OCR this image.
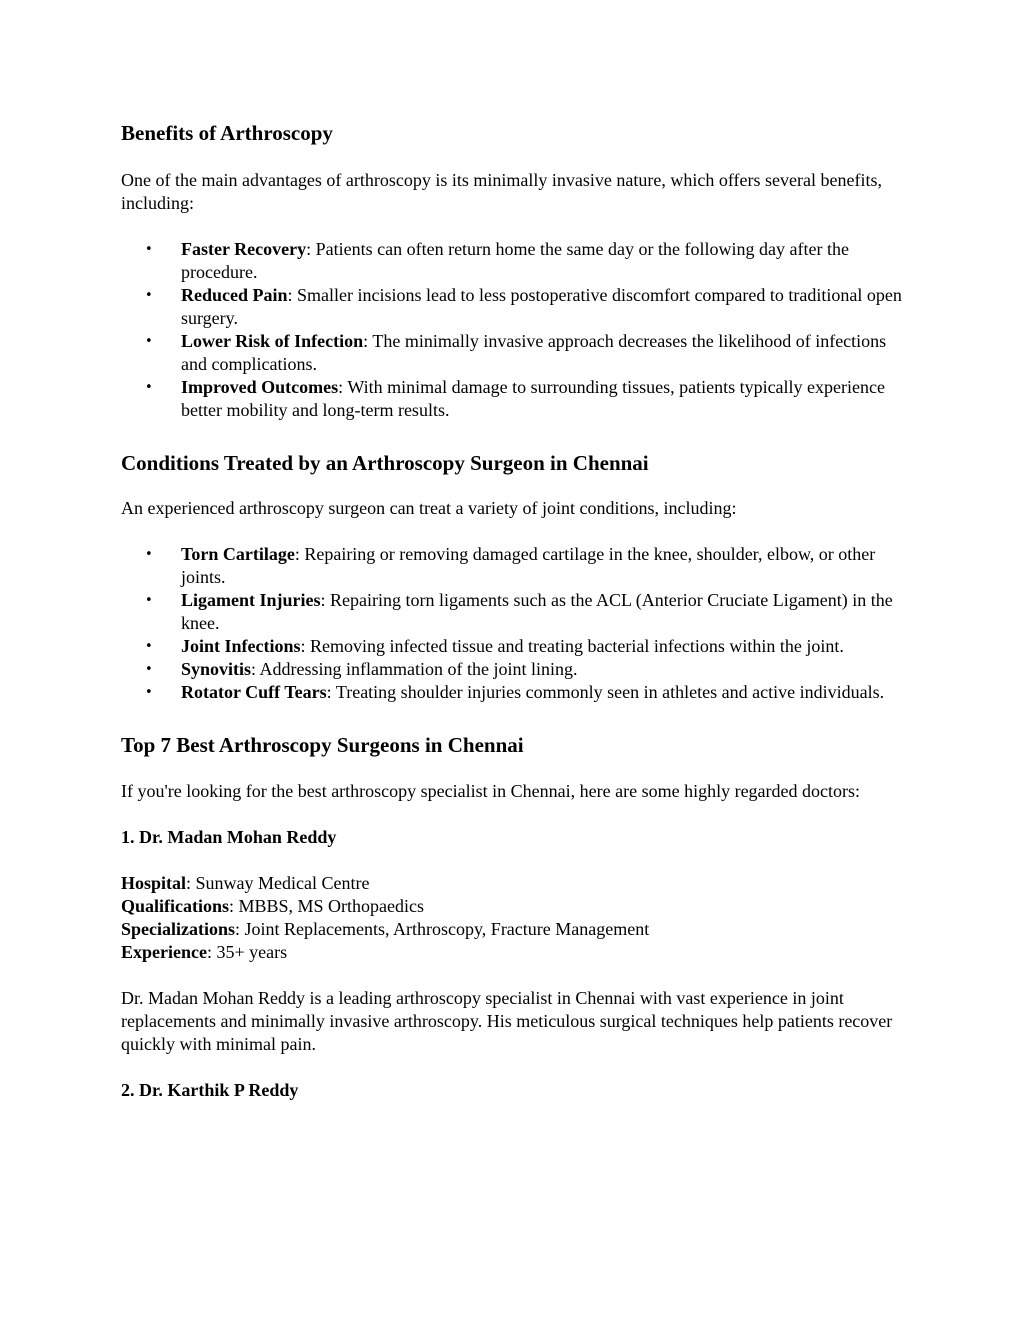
Benefits of Arthroscopy

One of the main advantages of arthroscopy is its minimally invasive nature, which offers several benefits, including:

• Faster Recovery: Patients can often return home the same day or the following day after the procedure.
• Reduced Pain: Smaller incisions lead to less postoperative discomfort compared to traditional open surgery.
• Lower Risk of Infection: The minimally invasive approach decreases the likelihood of infections and complications.
• Improved Outcomes: With minimal damage to surrounding tissues, patients typically experience better mobility and long-term results.
Conditions Treated by an Arthroscopy Surgeon in Chennai

An experienced arthroscopy surgeon can treat a variety of joint conditions, including:

• Torn Cartilage: Repairing or removing damaged cartilage in the knee, shoulder, elbow, or other joints.
• Ligament Injuries: Repairing torn ligaments such as the ACL (Anterior Cruciate Ligament) in the knee.
• Joint Infections: Removing infected tissue and treating bacterial infections within the joint.
• Synovitis: Addressing inflammation of the joint lining.
• Rotator Cuff Tears: Treating shoulder injuries commonly seen in athletes and active individuals.
Top 7 Best Arthroscopy Surgeons in Chennai

If you're looking for the best arthroscopy specialist in Chennai, here are some highly regarded doctors:

1. Dr. Madan Mohan Reddy
Hospital: Sunway Medical Centre
Qualifications: MBBS, MS Orthopaedics
Specializations: Joint Replacements, Arthroscopy, Fracture Management
Experience: 35+ years

Dr. Madan Mohan Reddy is a leading arthroscopy specialist in Chennai with vast experience in joint replacements and minimally invasive arthroscopy. His meticulous surgical techniques help patients recover quickly with minimal pain.

2. Dr. Karthik P Reddy
